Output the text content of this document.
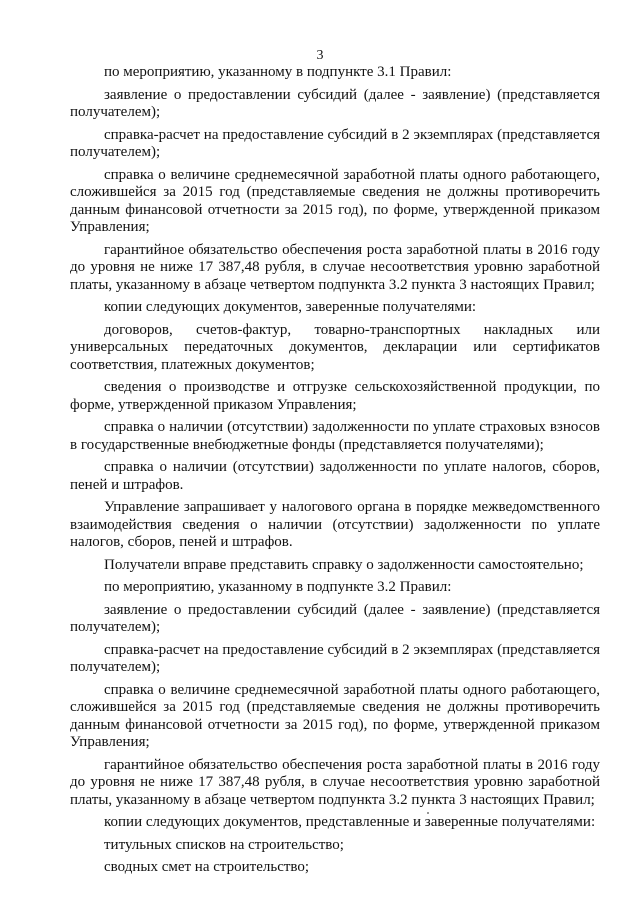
3

по мероприятию, указанному в подпункте 3.1 Правил:

заявление о предоставлении субсидий (далее - заявление) (представляется получателем);

справка-расчет на предоставление субсидий в 2 экземплярах (представляется получателем);

справка о величине среднемесячной заработной платы одного работающего, сложившейся за 2015 год (представляемые сведения не должны противоречить данным финансовой отчетности за 2015 год), по форме, утвержденной приказом Управления;

гарантийное обязательство обеспечения роста заработной платы в 2016 году до уровня не ниже 17 387,48 рубля, в случае несоответствия уровню заработной платы, указанному в абзаце четвертом подпункта 3.2 пункта 3 настоящих Правил;

копии следующих документов, заверенные получателями:

договоров, счетов-фактур, товарно-транспортных накладных или универсальных передаточных документов, декларации или сертификатов соответствия, платежных документов;

сведения о производстве и отгрузке сельскохозяйственной продукции, по форме, утвержденной приказом Управления;

справка о наличии (отсутствии) задолженности по уплате страховых взносов в государственные внебюджетные фонды (представляется получателями);

справка о наличии (отсутствии) задолженности по уплате налогов, сборов, пеней и штрафов.

Управление запрашивает у налогового органа в порядке межведомственного взаимодействия сведения о наличии (отсутствии) задолженности по уплате налогов, сборов, пеней и штрафов.

Получатели вправе представить справку о задолженности самостоятельно;

по мероприятию, указанному в подпункте 3.2 Правил:

заявление о предоставлении субсидий (далее - заявление) (представляется получателем);

справка-расчет на предоставление субсидий в 2 экземплярах (представляется получателем);

справка о величине среднемесячной заработной платы одного работающего, сложившейся за 2015 год (представляемые сведения не должны противоречить данным финансовой отчетности за 2015 год), по форме, утвержденной приказом Управления;

гарантийное обязательство обеспечения роста заработной платы в 2016 году до уровня не ниже 17 387,48 рубля, в случае несоответствия уровню заработной платы, указанному в абзаце четвертом подпункта 3.2 пункта 3 настоящих Правил;

копии следующих документов, представленные и заверенные получателями:

титульных списков на строительство;

сводных смет на строительство;
